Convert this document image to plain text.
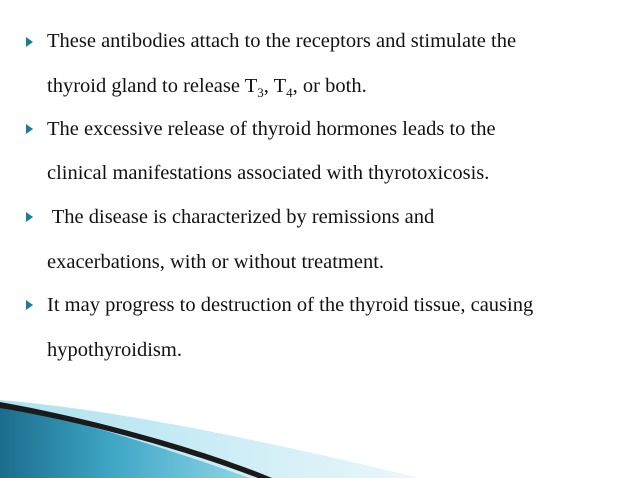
These antibodies attach to the receptors and stimulate the
thyroid gland to release $T_3$, $T_4$, or both.
The excessive release of thyroid hormones leads to the
clinical manifestations associated with thyrotoxicosis.
The disease is characterized by remissions and
exacerbations, with or without treatment.
It may progress to destruction of the thyroid tissue, causing
hypothyroidism.
